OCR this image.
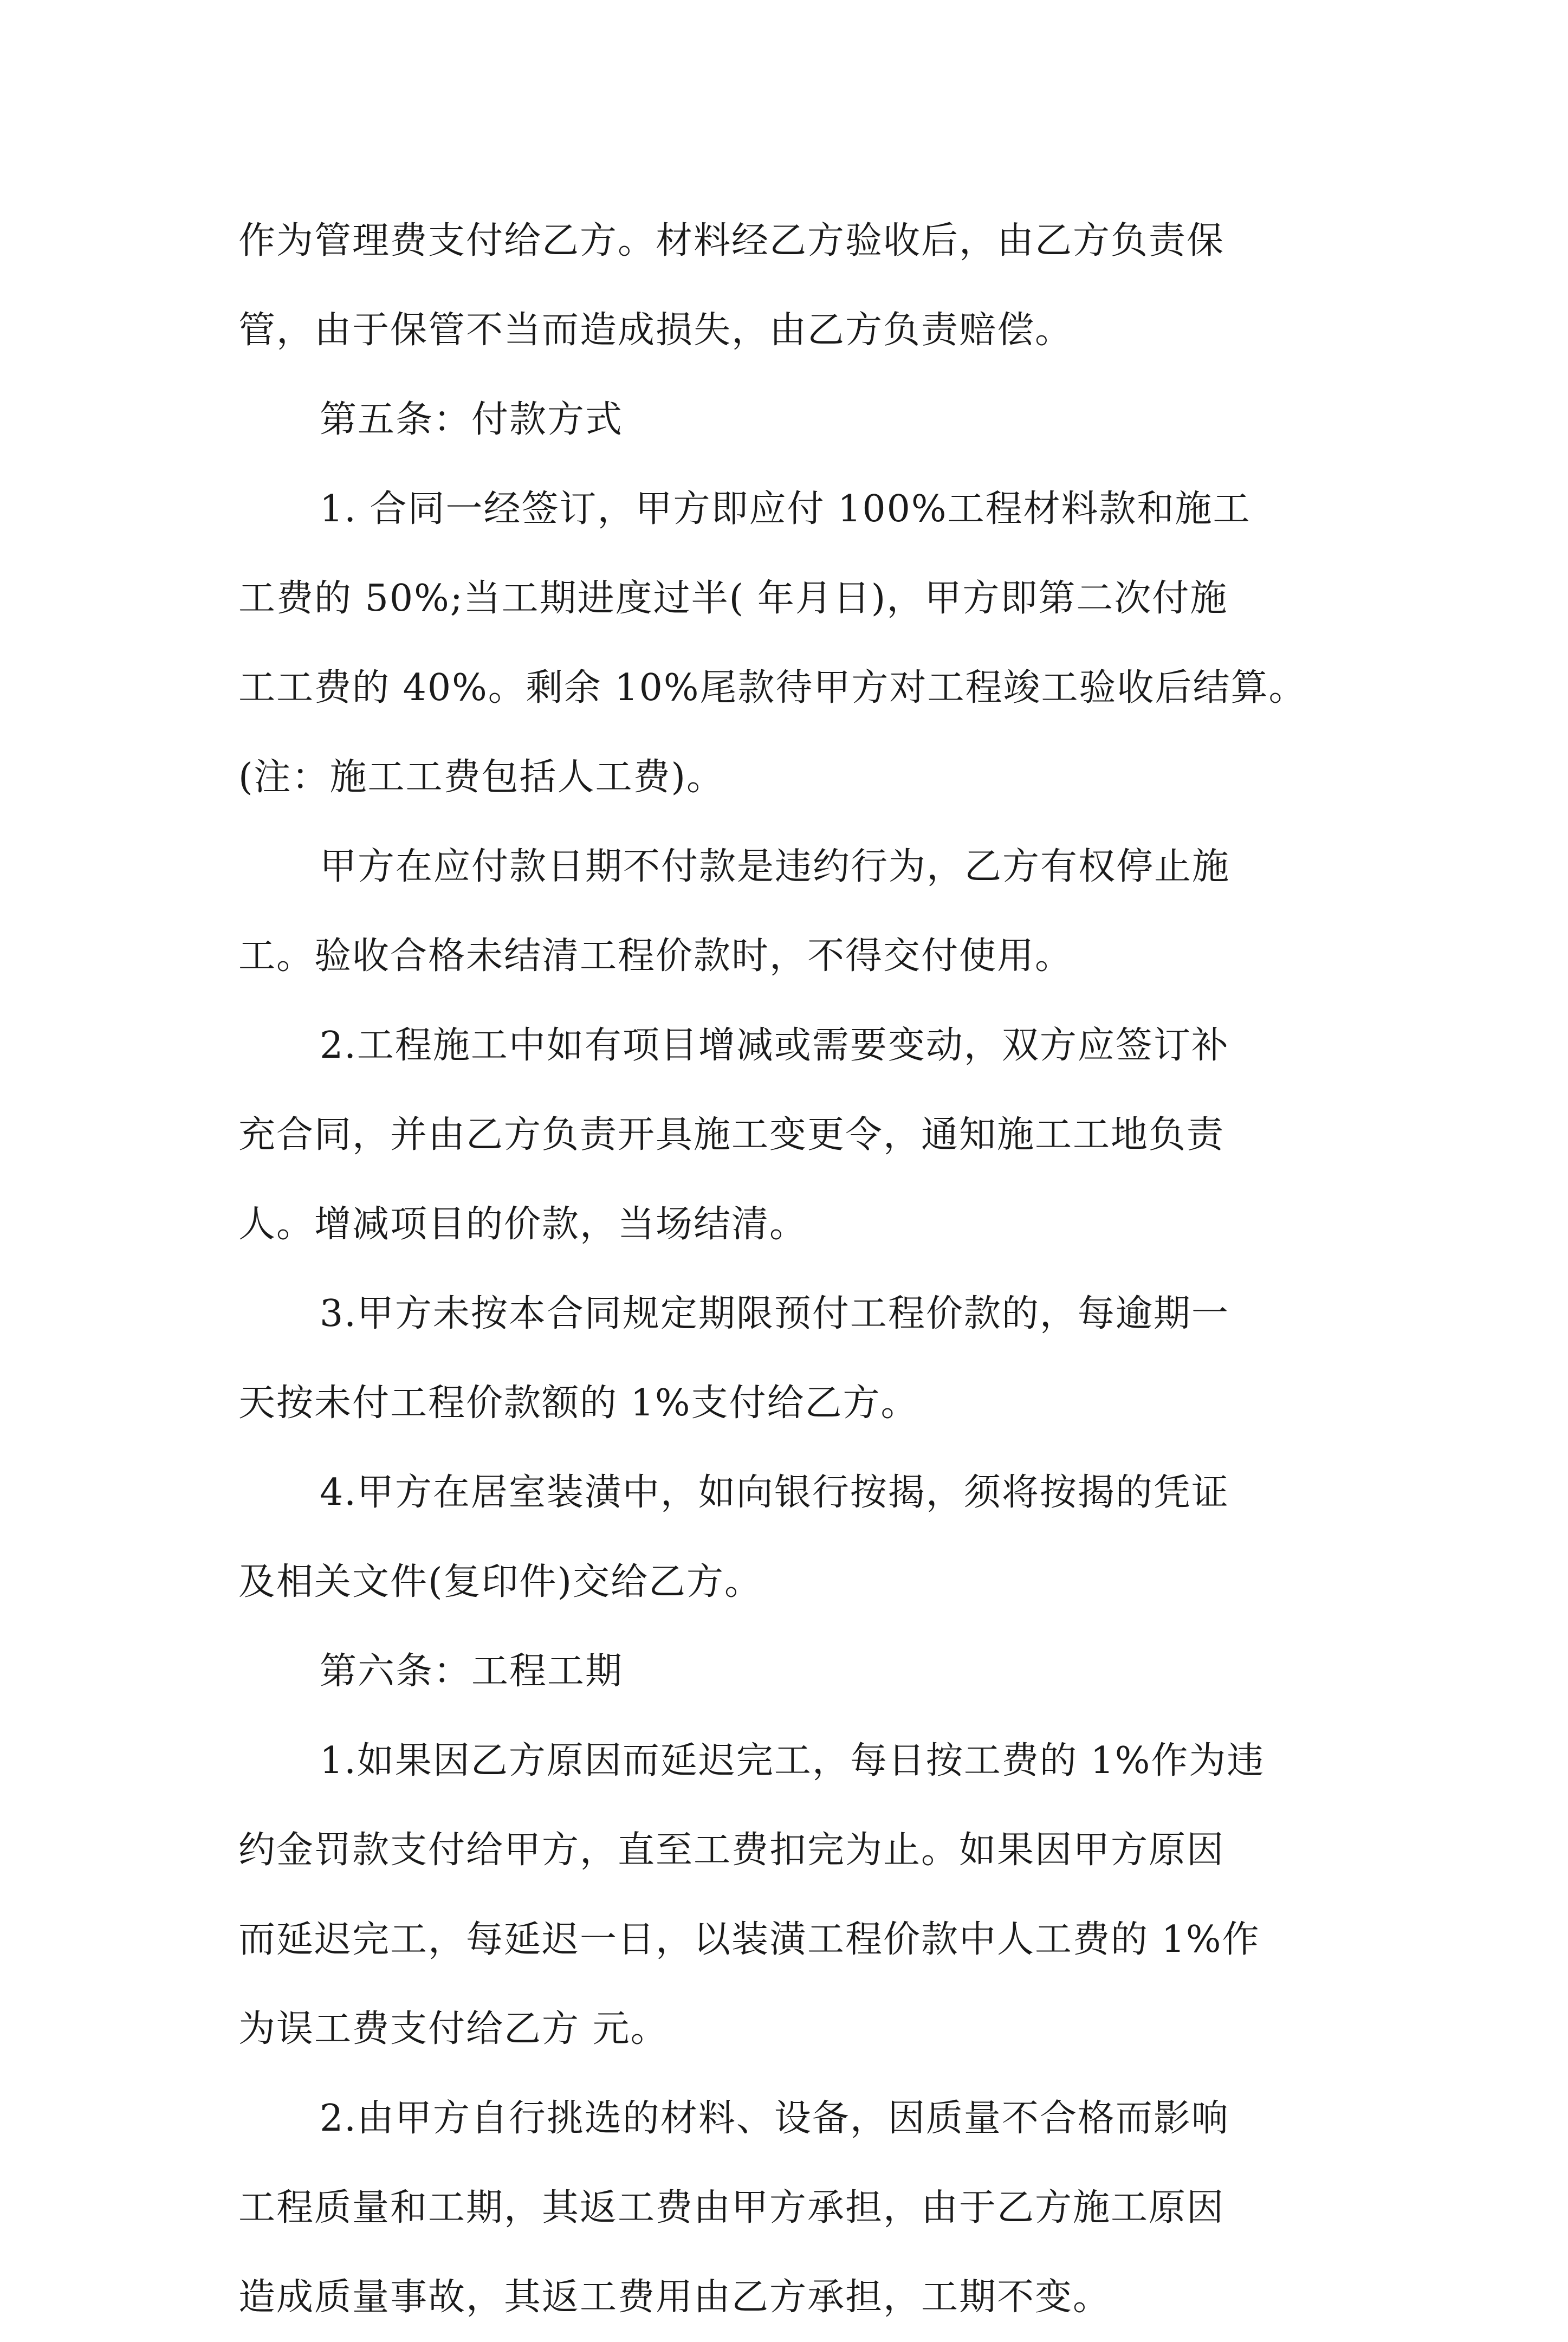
作为管理费支付给乙方。材料经乙方验收后，由乙方负责保
管，由于保管不当而造成损失，由乙方负责赔偿。
第五条：付款方式
1. 合同一经签订，甲方即应付 100%工程材料款和施工
工费的 50%;当工期进度过半( 年月日)，甲方即第二次付施
工工费的 40%。剩余 10%尾款待甲方对工程竣工验收后结算。
(注：施工工费包括人工费)。
甲方在应付款日期不付款是违约行为，乙方有权停止施
工。验收合格未结清工程价款时，不得交付使用。
2.工程施工中如有项目增减或需要变动，双方应签订补
充合同，并由乙方负责开具施工变更令，通知施工工地负责
人。增减项目的价款，当场结清。
3.甲方未按本合同规定期限预付工程价款的，每逾期一
天按未付工程价款额的 1%支付给乙方。
4.甲方在居室装潢中，如向银行按揭，须将按揭的凭证
及相关文件(复印件)交给乙方。
第六条：工程工期
1.如果因乙方原因而延迟完工，每日按工费的 1%作为违
约金罚款支付给甲方，直至工费扣完为止。如果因甲方原因
而延迟完工，每延迟一日，以装潢工程价款中人工费的 1%作
为误工费支付给乙方 元。
2.由甲方自行挑选的材料、设备，因质量不合格而影响
工程质量和工期，其返工费由甲方承担，由于乙方施工原因
造成质量事故，其返工费用由乙方承担，工期不变。
